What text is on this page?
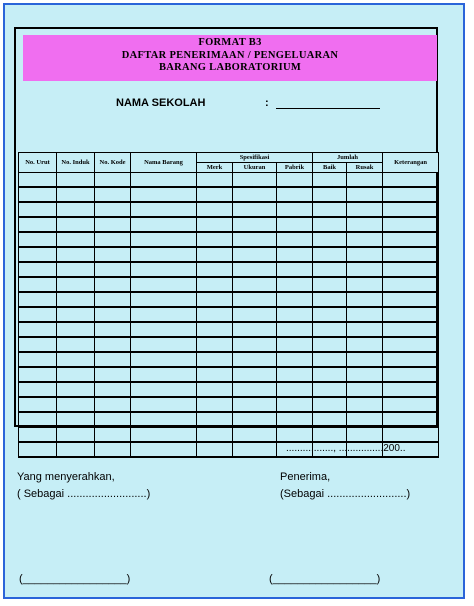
FORMAT B3
DAFTAR PENERIMAAN / PENGELUARAN
BARANG LABORATORIUM
NAMA SEKOLAH	:
No. Urut	No. Induk	No. Kode	Nama Barang	Spesifikasi			Jumlah		Keterangan
				Merk	Ukuran	Pabrik	Baik	Rusak	

................., ................200..
Yang menyerahkan,
( Sebagai ..........................)
Penerima,
(Sebagai ..........................)
(_________________)	(_________________)
